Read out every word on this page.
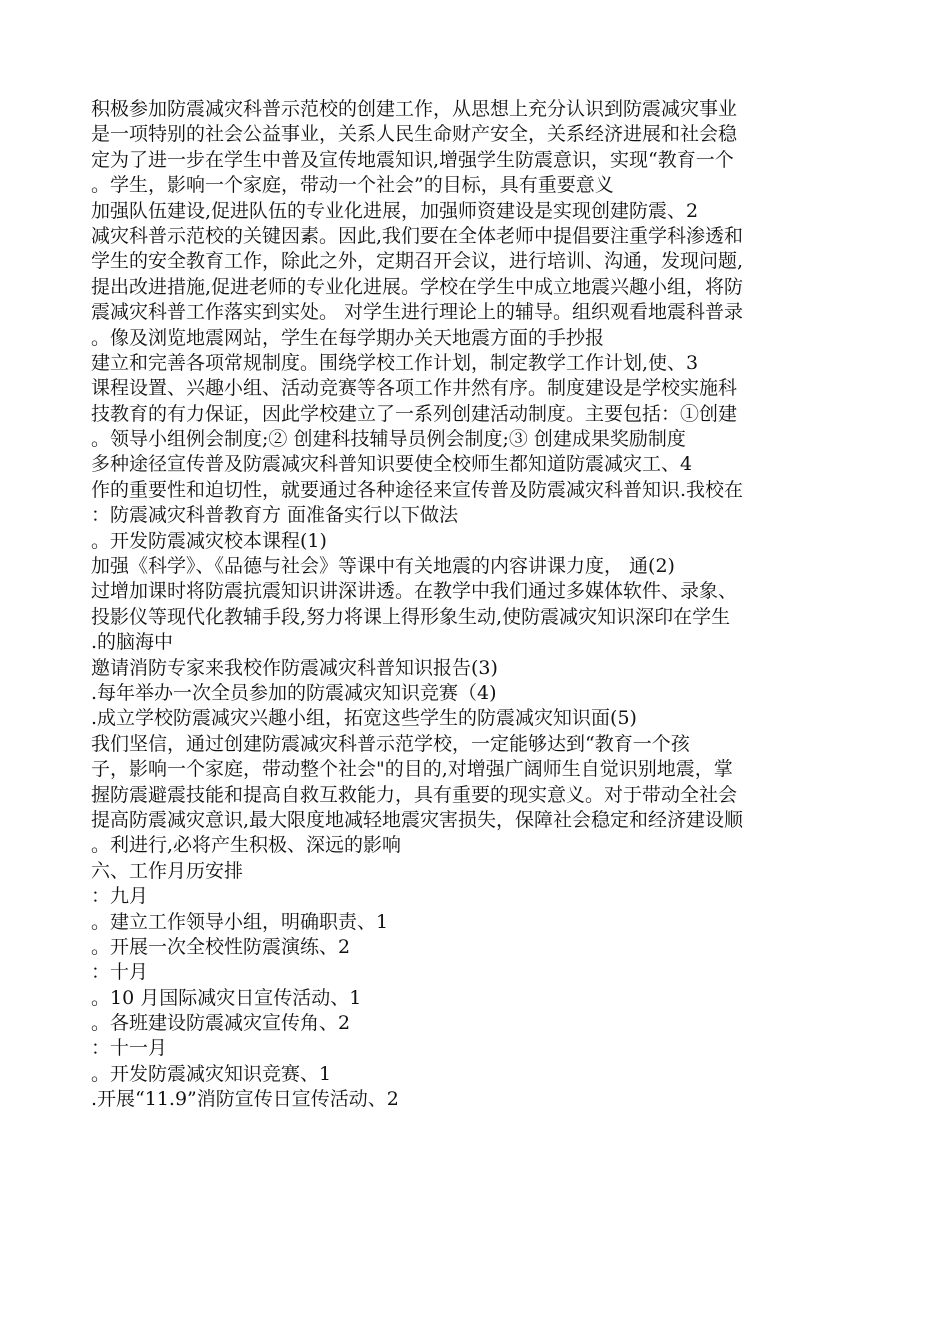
积极参加防震减灾科普示范校的创建工作，从思想上充分认识到防震减灾事业
是一项特别的社会公益事业，关系人民生命财产安全，关系经济进展和社会稳
定为了进一步在学生中普及宣传地震知识,增强学生防震意识，实现“教育一个
。学生，影响一个家庭，带动一个社会”的目标，具有重要意义
加强队伍建设,促进队伍的专业化进展，加强师资建设是实现创建防震、2
减灾科普示范校的关键因素。因此,我们要在全体老师中提倡要注重学科渗透和
学生的安全教育工作，除此之外，定期召开会议，进行培训、沟通，发现问题,
提出改进措施,促进老师的专业化进展。学校在学生中成立地震兴趣小组，将防
震减灾科普工作落实到实处。 对学生进行理论上的辅导。组织观看地震科普录
。像及浏览地震网站，学生在每学期办关天地震方面的手抄报
建立和完善各项常规制度。围绕学校工作计划，制定教学工作计划,使、3
课程设置、兴趣小组、活动竞赛等各项工作井然有序。制度建设是学校实施科
技教育的有力保证，因此学校建立了一系列创建活动制度。主要包括：①创建
。领导小组例会制度;② 创建科技辅导员例会制度;③ 创建成果奖励制度
多种途径宣传普及防震减灾科普知识要使全校师生都知道防震减灾工、4
作的重要性和迫切性，就要通过各种途径来宣传普及防震减灾科普知识.我校在
：防震减灾科普教育方 面准备实行以下做法
。开发防震减灾校本课程(1)
加强《科学》、《品德与社会》等课中有关地震的内容讲课力度， 通(2)
过增加课时将防震抗震知识讲深讲透。在教学中我们通过多媒体软件、录象、
投影仪等现代化教辅手段,努力将课上得形象生动,使防震减灾知识深印在学生
.的脑海中
邀请消防专家来我校作防震减灾科普知识报告(3)
.每年举办一次全员参加的防震减灾知识竞赛（4)
.成立学校防震减灾兴趣小组，拓宽这些学生的防震减灾知识面(5)
我们坚信，通过创建防震减灾科普示范学校，一定能够达到“教育一个孩
子，影响一个家庭，带动整个社会"的目的,对增强广阔师生自觉识别地震，掌
握防震避震技能和提高自救互救能力，具有重要的现实意义。对于带动全社会
提高防震减灾意识,最大限度地减轻地震灾害损失，保障社会稳定和经济建设顺
。利进行,必将产生积极、深远的影响
六、工作月历安排
：九月
。建立工作领导小组，明确职责、1
。开展一次全校性防震演练、2
：十月
。10 月国际减灾日宣传活动、1
。各班建设防震减灾宣传角、2
：十一月
。开发防震减灾知识竞赛、1
.开展“11.9”消防宣传日宣传活动、2
